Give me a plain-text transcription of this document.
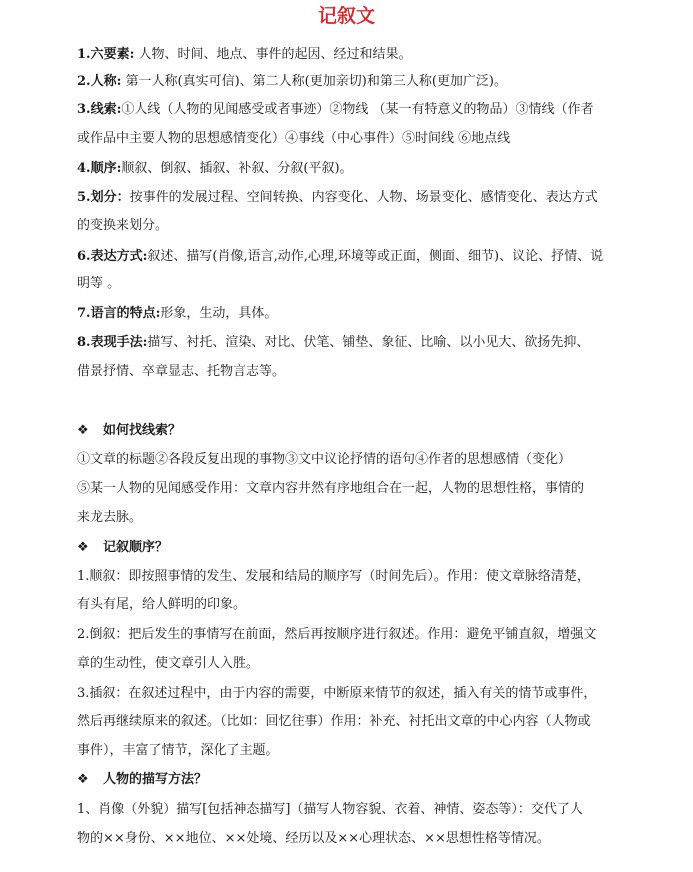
记叙文
1.六要素: 人物、时间、地点、事件的起因、经过和结果。
2.人称: 第一人称(真实可信)、第二人称(更加亲切)和第三人称(更加广泛)。
3.线索:①人线（人物的见闻感受或者事迹）②物线 （某一有特意义的物品）③情线（作者
或作品中主要人物的思想感情变化）④事线（中心事件）⑤时间线 ⑥地点线
4.顺序:顺叙、倒叙、插叙、补叙、分叙(平叙)。
5.划分：按事件的发展过程、空间转换、内容变化、人物、场景变化、感情变化、表达方式
的变换来划分。
6.表达方式:叙述、描写(肖像,语言,动作,心理,环境等或正面，侧面、细节)、议论、抒情、说
明等 。
7.语言的特点:形象，生动，具体。
8.表现手法:描写、衬托、渲染、对比、伏笔、铺垫、象征、比喻、以小见大、欲扬先抑、
借景抒情、卒章显志、托物言志等。
❖ 如何找线索？
①文章的标题②各段反复出现的事物③文中议论抒情的语句④作者的思想感情（变化）
⑤某一人物的见闻感受作用：文章内容井然有序地组合在一起，人物的思想性格，事情的
来龙去脉。
❖ 记叙顺序？
1.顺叙：即按照事情的发生、发展和结局的顺序写（时间先后）。作用：使文章脉络清楚，
有头有尾，给人鲜明的印象。
2.倒叙：把后发生的事情写在前面，然后再按顺序进行叙述。作用：避免平铺直叙，增强文
章的生动性，使文章引人入胜。
3.插叙：在叙述过程中，由于内容的需要，中断原来情节的叙述，插入有关的情节或事件，
然后再继续原来的叙述。（比如：回忆往事）作用：补充、衬托出文章的中心内容（人物或
事件），丰富了情节，深化了主题。
❖ 人物的描写方法？
1、肖像（外貌）描写[包括神态描写]（描写人物容貌、衣着、神情、姿态等）：交代了人
物的××身份、××地位、××处境、经历以及××心理状态、××思想性格等情况。
